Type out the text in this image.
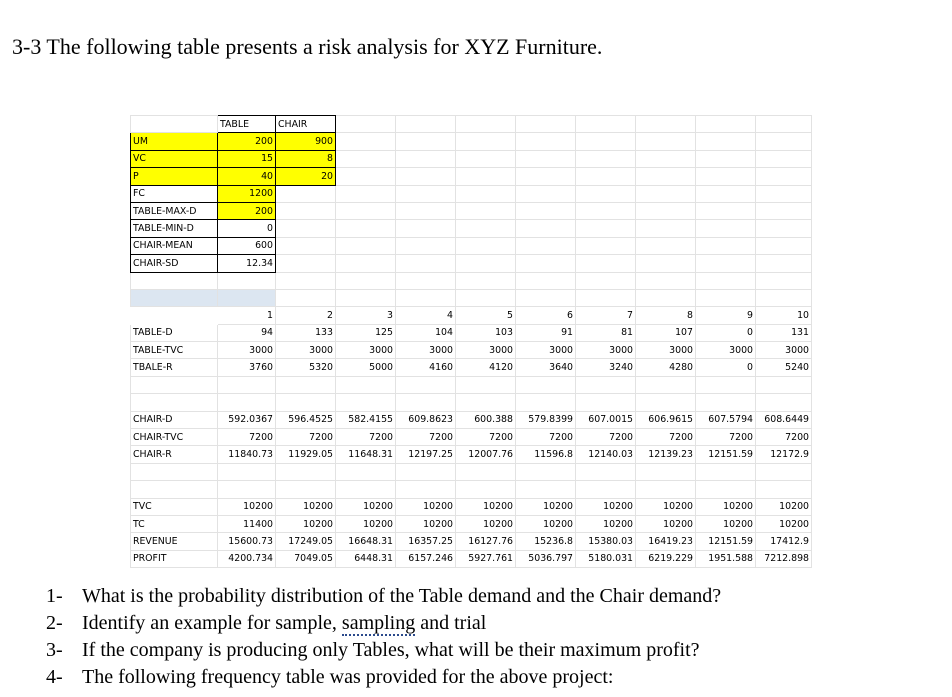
3-3 The following table presents a risk analysis for XYZ Furniture.
	TABLE	CHAIR								
UM	200	900								
VC	15	8								
P	40	20								
FC	1200									
TABLE-MAX-D	200									
TABLE-MIN-D	0									
CHAIR-MEAN	600									
CHAIR-SD	12.34									

	1	2	3	4	5	6	7	8	9	10
TABLE-D	94	133	125	104	103	91	81	107	0	131
TABLE-TVC	3000	3000	3000	3000	3000	3000	3000	3000	3000	3000
TBALE-R	3760	5320	5000	4160	4120	3640	3240	4280	0	5240

CHAIR-D	592.0367	596.4525	582.4155	609.8623	600.388	579.8399	607.0015	606.9615	607.5794	608.6449
CHAIR-TVC	7200	7200	7200	7200	7200	7200	7200	7200	7200	7200
CHAIR-R	11840.73	11929.05	11648.31	12197.25	12007.76	11596.8	12140.03	12139.23	12151.59	12172.9

TVC	10200	10200	10200	10200	10200	10200	10200	10200	10200	10200
TC	11400	10200	10200	10200	10200	10200	10200	10200	10200	10200
REVENUE	15600.73	17249.05	16648.31	16357.25	16127.76	15236.8	15380.03	16419.23	12151.59	17412.9
PROFIT	4200.734	7049.05	6448.31	6157.246	5927.761	5036.797	5180.031	6219.229	1951.588	7212.898
1- What is the probability distribution of the Table demand and the Chair demand?
2- Identify an example for sample, sampling and trial
3- If the company is producing only Tables, what will be their maximum profit?
4- The following frequency table was provided for the above project:
